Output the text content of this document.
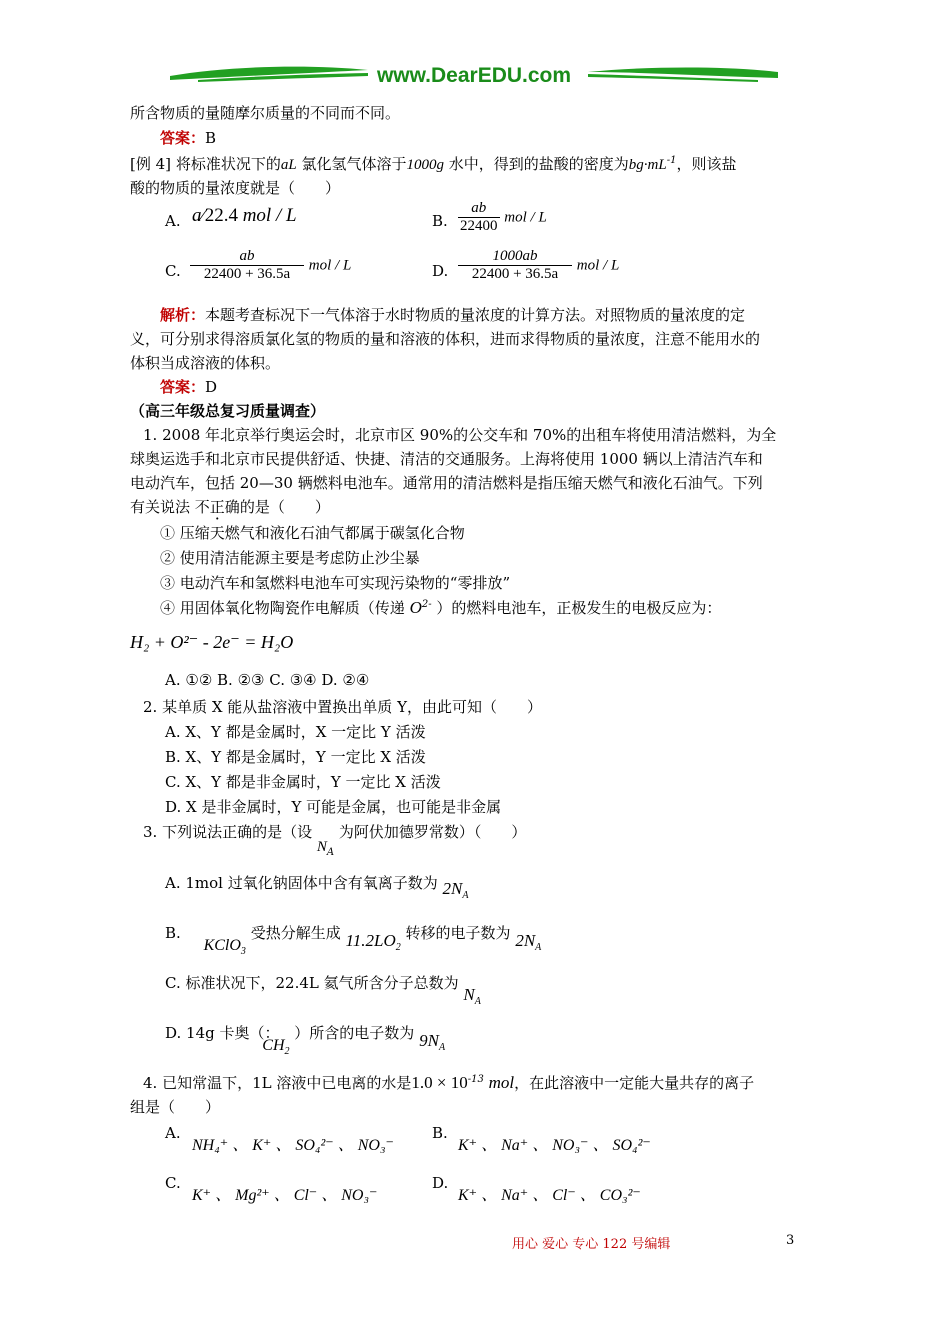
www.DearEDU.com
所含物质的量随摩尔质量的不同而不同。
答案：B
[例 4] 将标准状况下的aL 氯化氢气体溶于1000g 水中，得到的盐酸的密度为$bg\cdot mL^{-1}$，则该盐
酸的物质的量浓度就是（　　）
A. a⁄22.4 mol / L	B. $\frac{ab}{22400}$ mol / L
C. $\frac{ab}{22400 + 36.5a}$ mol / L	D. $\frac{1000ab}{22400 + 36.5a}$ mol / L
解析：本题考查标况下一气体溶于水时物质的量浓度的计算方法。对照物质的量浓度的定
义，可分别求得溶质氯化氢的物质的量和溶液的体积，进而求得物质的量浓度，注意不能用水的
体积当成溶液的体积。
答案：D
（高三年级总复习质量调查）
1. 2008 年北京举行奥运会时，北京市区 90%的公交车和 70%的出租车将使用清洁燃料，为全
球奥运选手和北京市民提供舒适、快捷、清洁的交通服务。上海将使用 1000 辆以上清洁汽车和
电动汽车，包括 20—30 辆燃料电池车。通常用的清洁燃料是指压缩天燃气和液化石油气。下列
有关说法 不正确的是（　　）
① 压缩天燃气和液化石油气都属于碳氢化合物
② 使用清洁能源主要是考虑防止沙尘暴
③ 电动汽车和氢燃料电池车可实现污染物的“零排放”
④ 用固体氧化物陶瓷作电解质（传递 $O^{2-}$ ）的燃料电池车，正极发生的电极反应为：
H₂ + O²⁻ - 2e⁻ = H₂O
A. ①② B. ②③ C. ③④ D. ②④
2. 某单质 X 能从盐溶液中置换出单质 Y，由此可知（　　）
A. X、Y 都是金属时，X 一定比 Y 活泼
B. X、Y 都是金属时，Y 一定比 X 活泼
C. X、Y 都是非金属时，Y 一定比 X 活泼
D. X 是非金属时，Y 可能是金属，也可能是非金属
3. 下列说法正确的是（设 $N_A$ 为阿伏加德罗常数）（　　）
A. 1mol 过氧化钠固体中含有氧离子数为 $2N_A$
B. KClO$_3$ 受热分解生成 $11.2LO_2$ 转移的电子数为 $2N_A$
C. 标准状况下，22.4L 氦气所含分子总数为 $N_A$
D. 14g 卡奥（： $CH_2$ ）所含的电子数为 $9N_A$
4. 已知常温下，1L 溶液中已电离的水是$1.0 \times 10^{-13}$ mol，在此溶液中一定能大量共存的离子
组是（　　）
A.
NH₄⁺ 、 K⁺ 、 SO₄²⁻ 、 NO₃⁻
B.
K⁺ 、 Na⁺ 、 NO₃⁻ 、 SO₄²⁻
C.
K⁺ 、 Mg²⁺ 、 Cl⁻ 、 NO₃⁻
D.
K⁺ 、 Na⁺ 、 Cl⁻ 、 CO₃²⁻
用心 爱心 专心 122 号编辑	3
